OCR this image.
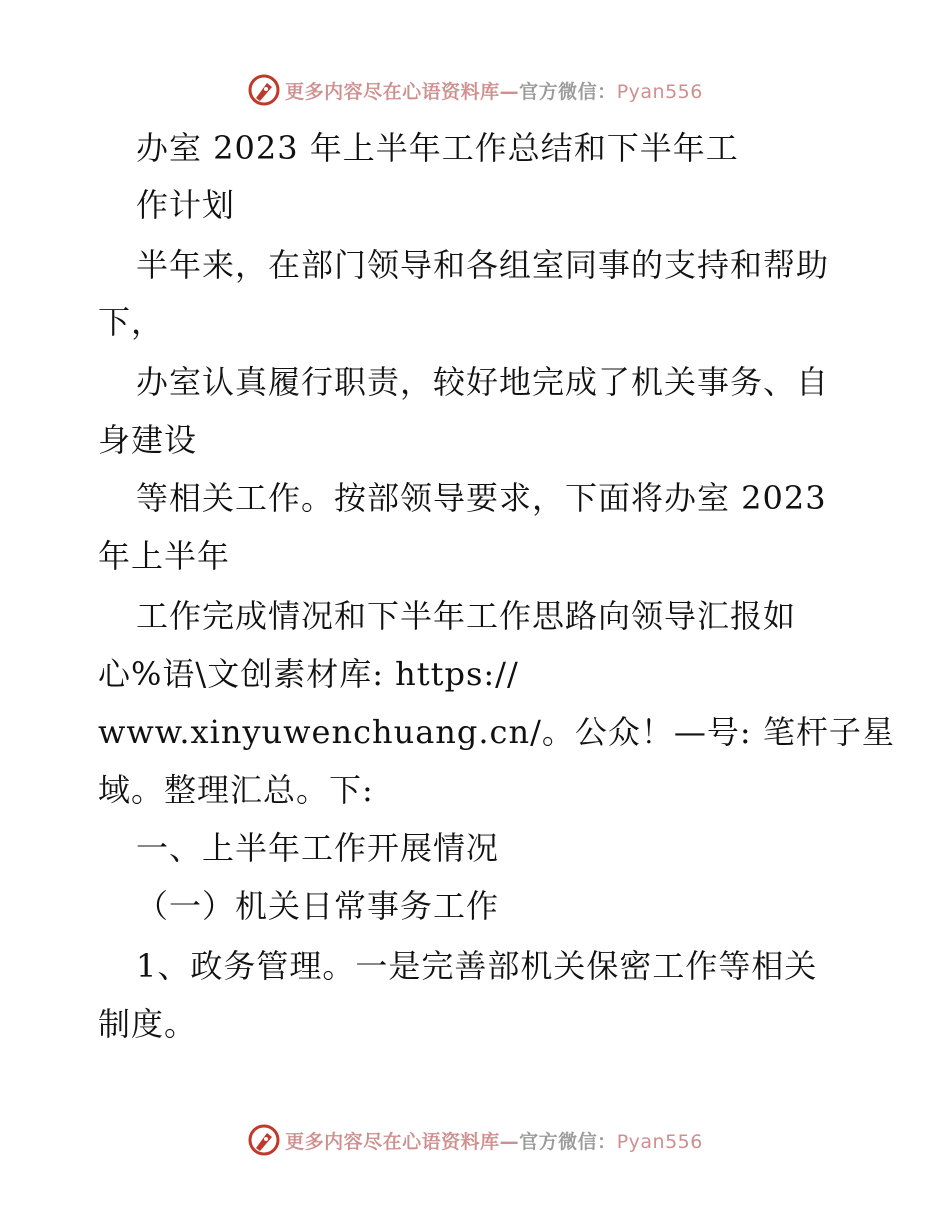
更多内容尽在心语资料库—官方微信：Pyan556
办室 2023 年上半年工作总结和下半年工
作计划
半年来，在部门领导和各组室同事的支持和帮助
下，
办室认真履行职责，较好地完成了机关事务、自
身建设
等相关工作。按部领导要求，下面将办室 2023
年上半年
工作完成情况和下半年工作思路向领导汇报如
心%语\文创素材库: https://
www.xinyuwenchuang.cn/。公众！—号: 笔杆子星
域。整理汇总。下:
一、上半年工作开展情况
（一）机关日常事务工作
1、政务管理。一是完善部机关保密工作等相关
制度。
更多内容尽在心语资料库—官方微信：Pyan556
